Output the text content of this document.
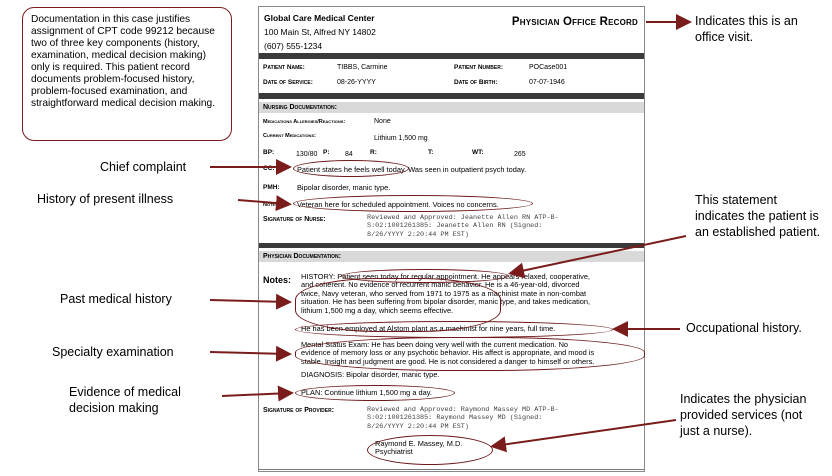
Documentation in this case justifies assignment of CPT code 99212 because two of three key components (history, examination, medical decision making) only is required. This patient record documents problem-focused history, problem-focused examination, and straightforward medical decision making.
Indicates this is an office visit.
Chief complaint
History of present illness	This statement indicates the patient is an established patient.
Past medical history
Occupational history.
Specialty examination
Evidence of medical decision making
Indicates the physician provided services (not just a nurse).
Global Care Medical Center
100 Main St, Alfred NY 14802
(607) 555-1234
Physician Office Record
Patient Name:	TIBBS, Carmine	Patient Number:	POCase001
Date of Service:	08-26-YYYY	Date of Birth:	07-07-1946
Nursing Documentation:
Medications Allergies/Reactions:	None
Current Medications:	Lithium 1,500 mg
BP:	130/80 P: 84	R:	T:	WT:	265
CC:	Patient states he feels well today. Was seen in outpatient psych today.
PMH: Bipolar disorder, manic type.
Notes: Veteran here for scheduled appointment. Voices no concerns.
Signature of Nurse:	Reviewed and Approved: Jeanette Allen RN ATP-B-
S:02:1001261385: Jeanette Allen RN (Signed:
8/26/YYYY 2:20:44 PM EST)
Physician Documentation:
Notes: HISTORY: Patient seen today for regular appointment. He appears relaxed, cooperative,
and coherent. No evidence of recurrent manic behavior. He is a 46-year-old, divorced
twice, Navy veteran, who served from 1971 to 1975 as a machinist mate in non-combat
situation. He has been suffering from bipolar disorder, manic type, and takes medication,
lithium 1,500 mg a day, which seems effective.
He has been employed at Alstom plant as a machinist for nine years, full time.
Mental Status Exam: He has been doing very well with the current medication. No
evidence of memory loss or any psychotic behavior. His affect is appropriate, and mood is
stable. Insight and judgment are good. He is not considered a danger to himself or others.
DIAGNOSIS: Bipolar disorder, manic type.
PLAN: Continue lithium 1,500 mg a day.
Signature of Provider:	Reviewed and Approved: Raymond Massey MD ATP-B-
S:02:1001261385: Raymond Massey MD (Signed:
8/26/YYYY 2:20:44 PM EST)
Raymond E. Massey, M.D.
Psychiatrist
